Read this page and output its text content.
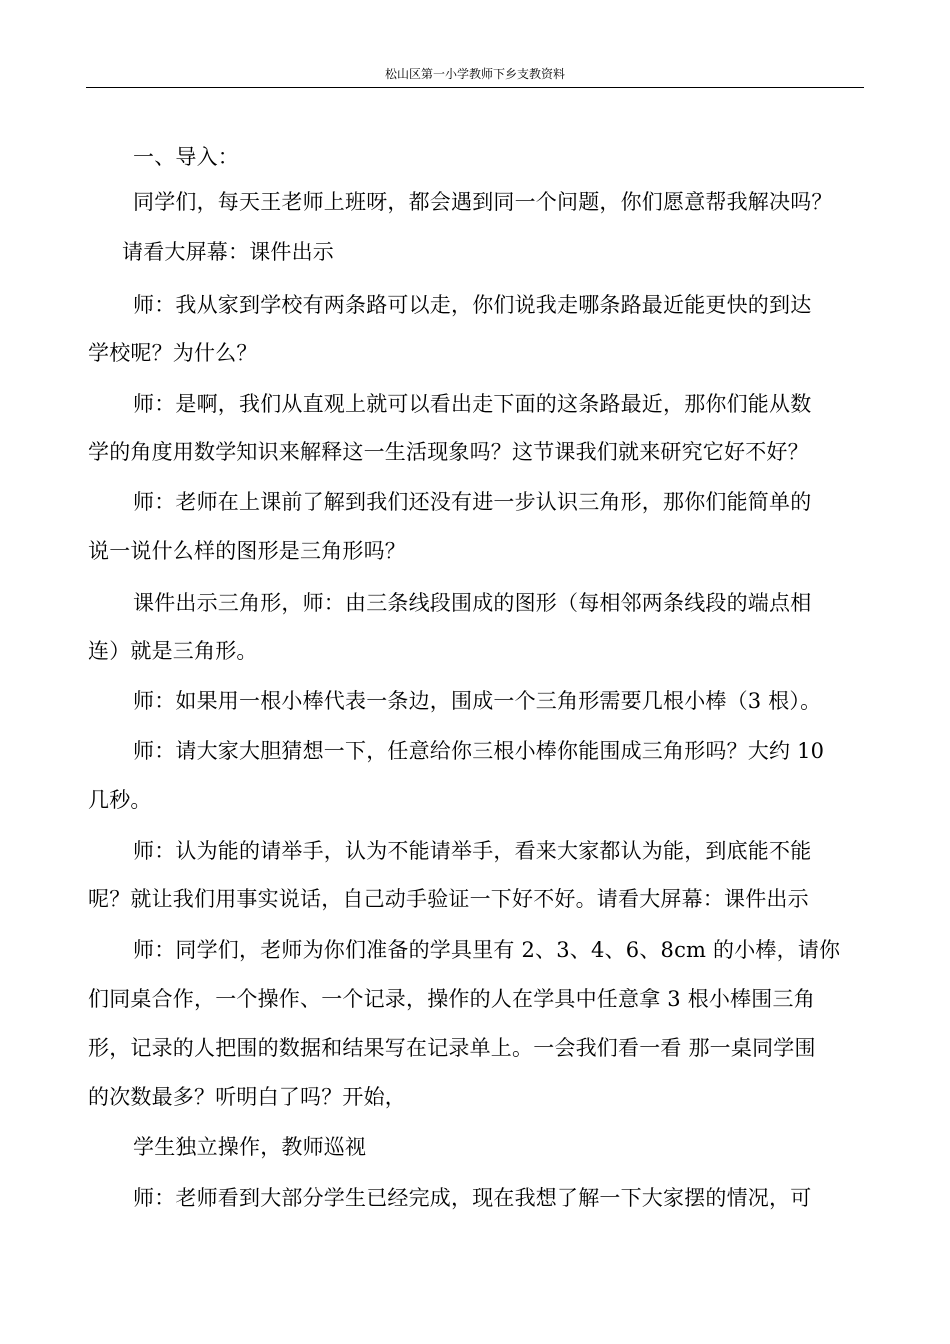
松山区第一小学教师下乡支教资料
一、导入：
同学们，每天王老师上班呀，都会遇到同一个问题，你们愿意帮我解决吗？
请看大屏幕：课件出示
师：我从家到学校有两条路可以走，你们说我走哪条路最近能更快的到达
学校呢？为什么？
师：是啊，我们从直观上就可以看出走下面的这条路最近，那你们能从数
学的角度用数学知识来解释这一生活现象吗？这节课我们就来研究它好不好？
师：老师在上课前了解到我们还没有进一步认识三角形，那你们能简单的
说一说什么样的图形是三角形吗？
课件出示三角形，师：由三条线段围成的图形（每相邻两条线段的端点相
连）就是三角形。
师：如果用一根小棒代表一条边，围成一个三角形需要几根小棒（3 根）。
师：请大家大胆猜想一下，任意给你三根小棒你能围成三角形吗？大约 10
几秒。
师：认为能的请举手，认为不能请举手，看来大家都认为能，到底能不能
呢？就让我们用事实说话，自己动手验证一下好不好。请看大屏幕：课件出示
师：同学们，老师为你们准备的学具里有 2、3、4、6、8cm 的小棒，请你
们同桌合作，一个操作、一个记录，操作的人在学具中任意拿 3 根小棒围三角
形，记录的人把围的数据和结果写在记录单上。一会我们看一看 那一桌同学围
的次数最多？听明白了吗？开始，
学生独立操作，教师巡视
师：老师看到大部分学生已经完成，现在我想了解一下大家摆的情况，可
